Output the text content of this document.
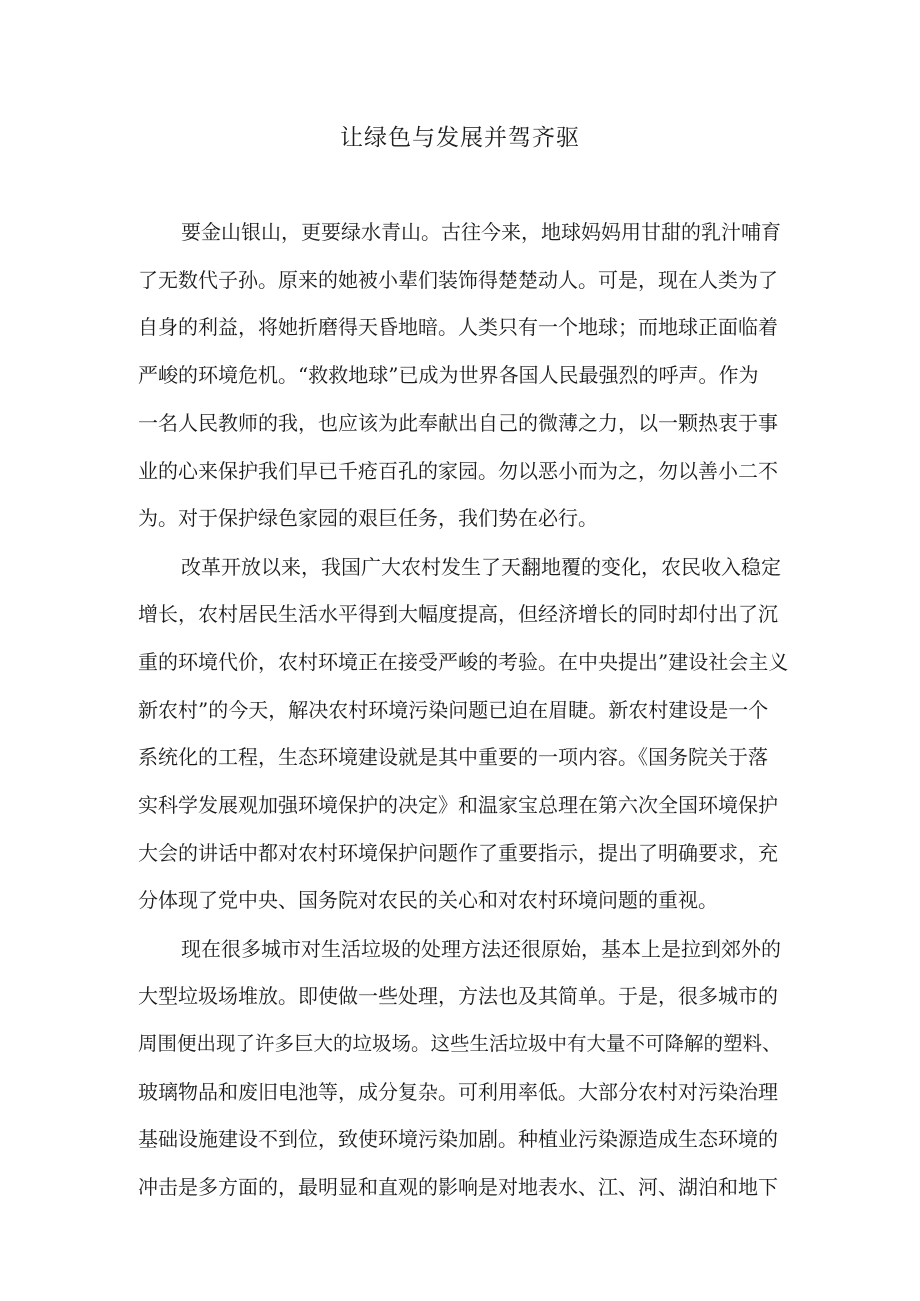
让绿色与发展并驾齐驱

要金山银山，更要绿水青山。古往今来，地球妈妈用甘甜的乳汁哺育

了无数代子孙。原来的她被小辈们装饰得楚楚动人。可是，现在人类为了

自身的利益，将她折磨得天昏地暗。人类只有一个地球；而地球正面临着

严峻的环境危机。“救救地球”已成为世界各国人民最强烈的呼声。作为

一名人民教师的我，也应该为此奉献出自己的微薄之力，以一颗热衷于事

业的心来保护我们早已千疮百孔的家园。勿以恶小而为之，勿以善小二不

为。对于保护绿色家园的艰巨任务，我们势在必行。

改革开放以来，我国广大农村发生了天翻地覆的变化，农民收入稳定

增长，农村居民生活水平得到大幅度提高，但经济增长的同时却付出了沉

重的环境代价，农村环境正在接受严峻的考验。在中央提出”建设社会主义

新农村”的今天，解决农村环境污染问题已迫在眉睫。新农村建设是一个

系统化的工程，生态环境建设就是其中重要的一项内容。《国务院关于落

实科学发展观加强环境保护的决定》和温家宝总理在第六次全国环境保护

大会的讲话中都对农村环境保护问题作了重要指示，提出了明确要求，充

分体现了党中央、国务院对农民的关心和对农村环境问题的重视。

现在很多城市对生活垃圾的处理方法还很原始，基本上是拉到郊外的

大型垃圾场堆放。即使做一些处理，方法也及其简单。于是，很多城市的

周围便出现了许多巨大的垃圾场。这些生活垃圾中有大量不可降解的塑料、

玻璃物品和废旧电池等，成分复杂。可利用率低。大部分农村对污染治理

基础设施建设不到位，致使环境污染加剧。种植业污染源造成生态环境的

冲击是多方面的，最明显和直观的影响是对地表水、江、河、湖泊和地下
